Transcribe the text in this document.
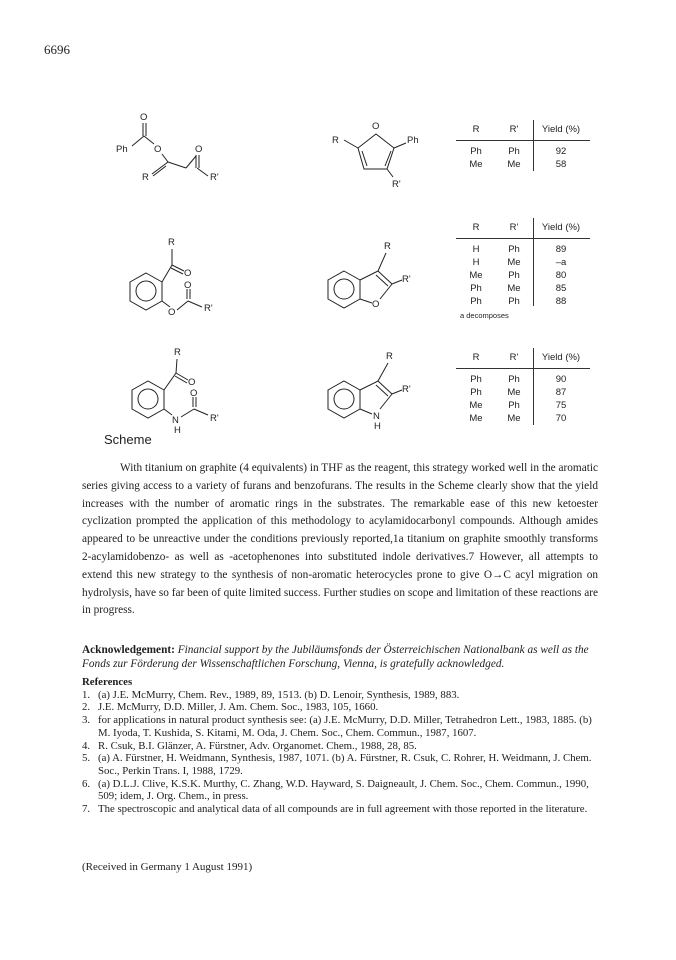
6696
O
Ph	O	O
R	R'
O
R	Ph
R'
R	R'	Yield (%)
Ph	Ph	92
Me	Me	58
R
O
O	R'
O
R
R'
O
R	R'	Yield (%)
H	Ph	89
H	Me	–a
Me	Ph	80
Ph	Me	85
Ph	Ph	88
a decomposes
R
O
N
H
R'
O
R
R'
N
H
R	R'	Yield (%)
Ph	Ph	90
Ph	Me	87
Me	Ph	75
Me	Me	70
Scheme

With titanium on graphite (4 equivalents) in THF as the reagent, this strategy worked well in the aromatic series giving access to a variety of furans and benzofurans. The results in the Scheme clearly show that the yield increases with the number of aromatic rings in the substrates. The remarkable ease of this new ketoester cyclization prompted the application of this methodology to acylamidocarbonyl compounds. Although amides appeared to be unreactive under the conditions previously reported,1a titanium on graphite smoothly transforms 2-acylamidobenzo- as well as -acetophenones into substituted indole derivatives.7 However, all attempts to extend this new strategy to the synthesis of non-aromatic heterocycles prone to give O→C acyl migration on hydrolysis, have so far been of quite limited success. Further studies on scope and limitation of these reactions are in progress.

Acknowledgement: Financial support by the Jubiläumsfonds der Österreichischen Nationalbank as well as the Fonds zur Förderung der Wissenschaftlichen Forschung, Vienna, is gratefully acknowledged.
References
1. (a) J.E. McMurry, Chem. Rev., 1989, 89, 1513. (b) D. Lenoir, Synthesis, 1989, 883.
2. J.E. McMurry, D.D. Miller, J. Am. Chem. Soc., 1983, 105, 1660.
3. for applications in natural product synthesis see: (a) J.E. McMurry, D.D. Miller, Tetrahedron Lett., 1983, 1885. (b) M. Iyoda, T. Kushida, S. Kitami, M. Oda, J. Chem. Soc., Chem. Commun., 1987, 1607.
4. R. Csuk, B.I. Glänzer, A. Fürstner, Adv. Organomet. Chem., 1988, 28, 85.
5. (a) A. Fürstner, H. Weidmann, Synthesis, 1987, 1071. (b) A. Fürstner, R. Csuk, C. Rohrer, H. Weidmann, J. Chem. Soc., Perkin Trans. I, 1988, 1729.
6. (a) D.L.J. Clive, K.S.K. Murthy, C. Zhang, W.D. Hayward, S. Daigneault, J. Chem. Soc., Chem. Commun., 1990, 509; idem, J. Org. Chem., in press.
7. The spectroscopic and analytical data of all compounds are in full agreement with those reported in the literature.
(Received in Germany 1 August 1991)
